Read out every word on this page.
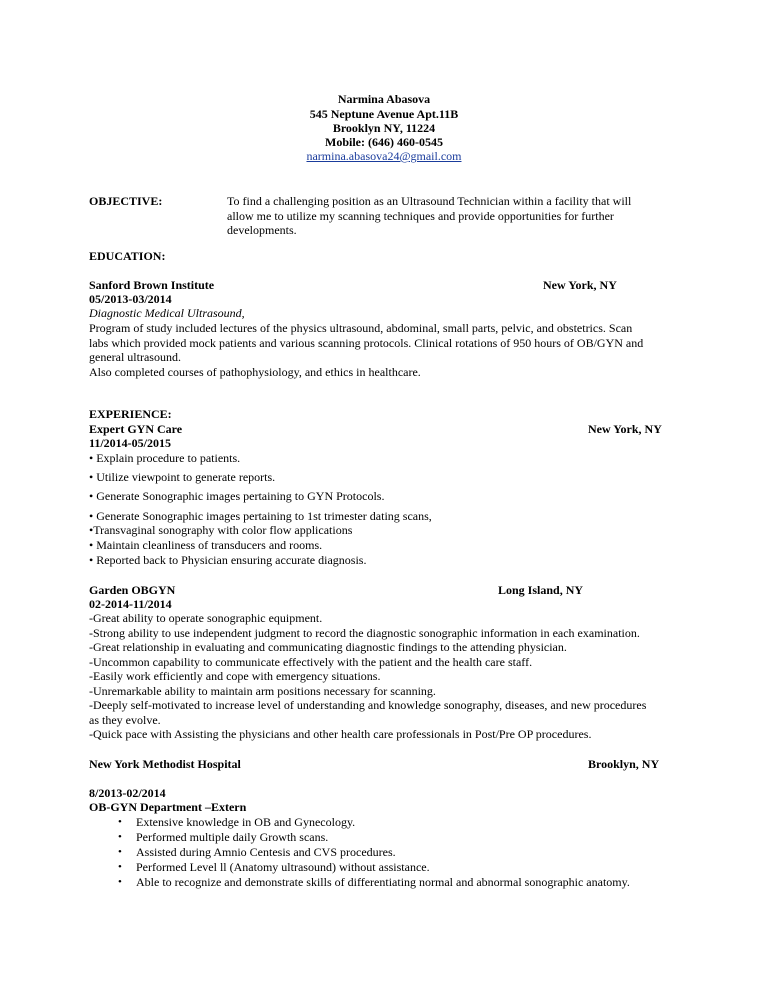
Narmina Abasova
545 Neptune Avenue Apt.11B
Brooklyn NY, 11224
Mobile: (646) 460-0545
narmina.abasova24@gmail.com
OBJECTIVE:	To find a challenging position as an Ultrasound Technician within a facility that will
allow me to utilize my scanning techniques and provide opportunities for further
developments.
EDUCATION:
Sanford Brown Institute	New York, NY
05/2013-03/2014
Diagnostic Medical Ultrasound,
Program of study included lectures of the physics ultrasound, abdominal, small parts, pelvic, and obstetrics. Scan
labs which provided mock patients and various scanning protocols. Clinical rotations of 950 hours of OB/GYN and
general ultrasound.
Also completed courses of pathophysiology, and ethics in healthcare.
EXPERIENCE:
Expert GYN Care	New York, NY
11/2014-05/2015
• Explain procedure to patients.
• Utilize viewpoint to generate reports.
• Generate Sonographic images pertaining to GYN Protocols.
• Generate Sonographic images pertaining to 1st trimester dating scans,
•Transvaginal sonography with color flow applications
• Maintain cleanliness of transducers and rooms.
• Reported back to Physician ensuring accurate diagnosis.
Garden OBGYN	Long Island, NY
02-2014-11/2014
-Great ability to operate sonographic equipment.
-Strong ability to use independent judgment to record the diagnostic sonographic information in each examination.
-Great relationship in evaluating and communicating diagnostic findings to the attending physician.
-Uncommon capability to communicate effectively with the patient and the health care staff.
-Easily work efficiently and cope with emergency situations.
-Unremarkable ability to maintain arm positions necessary for scanning.
-Deeply self-motivated to increase level of understanding and knowledge sonography, diseases, and new procedures
as they evolve.
-Quick pace with Assisting the physicians and other health care professionals in Post/Pre OP procedures.
New York Methodist Hospital	Brooklyn, NY
8/2013-02/2014
OB-GYN Department –Extern
• Extensive knowledge in OB and Gynecology.
• Performed multiple daily Growth scans.
• Assisted during Amnio Centesis and CVS procedures.
• Performed Level ll (Anatomy ultrasound) without assistance.
• Able to recognize and demonstrate skills of differentiating normal and abnormal sonographic anatomy.
